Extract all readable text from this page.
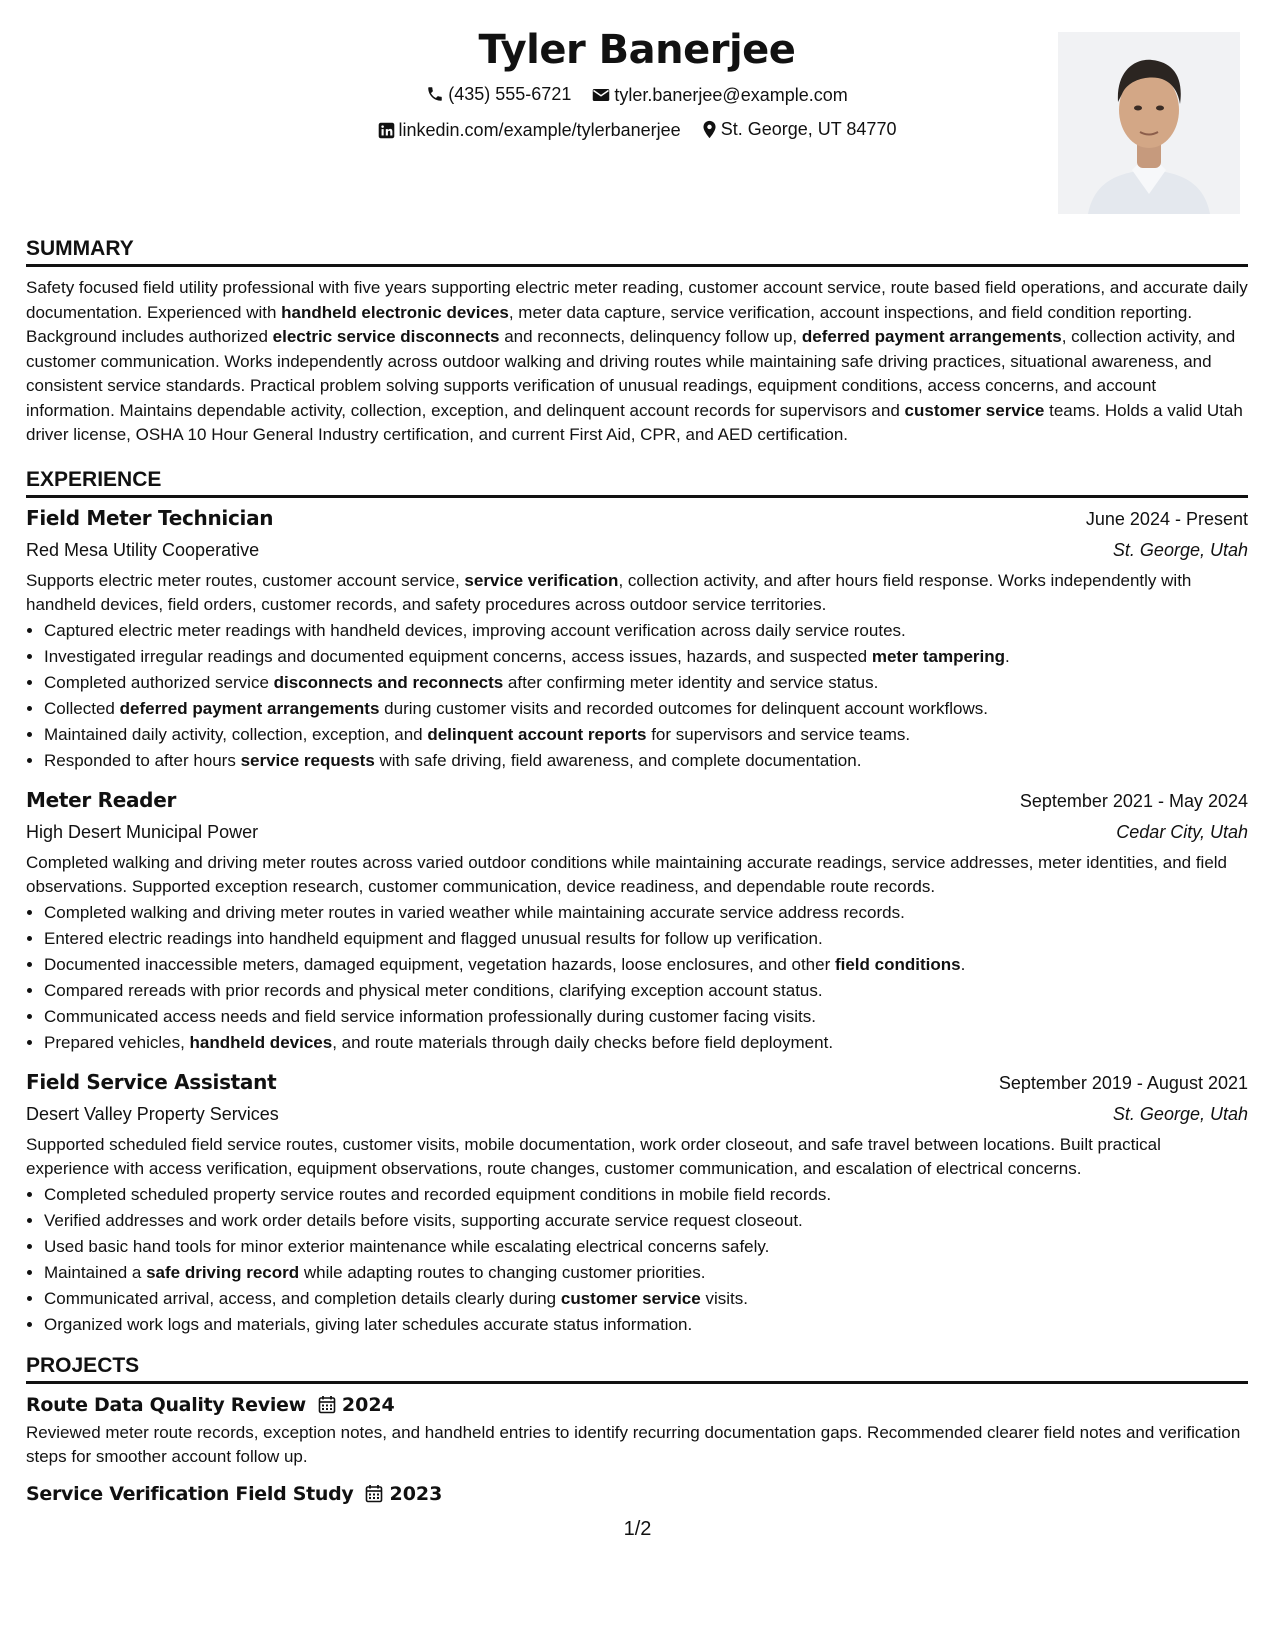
Tyler Banerjee
(435) 555-6721
tyler.banerjee@example.com
linkedin.com/example/tylerbanerjee
St. George, UT 84770
SUMMARY
Safety focused field utility professional with five years supporting electric meter reading, customer account service, route based field operations, and accurate daily documentation. Experienced with handheld electronic devices, meter data capture, service verification, account inspections, and field condition reporting. Background includes authorized electric service disconnects and reconnects, delinquency follow up, deferred payment arrangements, collection activity, and customer communication. Works independently across outdoor walking and driving routes while maintaining safe driving practices, situational awareness, and consistent service standards. Practical problem solving supports verification of unusual readings, equipment conditions, access concerns, and account information. Maintains dependable activity, collection, exception, and delinquent account records for supervisors and customer service teams. Holds a valid Utah driver license, OSHA 10 Hour General Industry certification, and current First Aid, CPR, and AED certification.
EXPERIENCE
Field Meter Technician	June 2024 - Present
Red Mesa Utility Cooperative	St. George, Utah
Supports electric meter routes, customer account service, service verification, collection activity, and after hours field response. Works independently with handheld devices, field orders, customer records, and safety procedures across outdoor service territories.
• Captured electric meter readings with handheld devices, improving account verification across daily service routes.
• Investigated irregular readings and documented equipment concerns, access issues, hazards, and suspected meter tampering.
• Completed authorized service disconnects and reconnects after confirming meter identity and service status.
• Collected deferred payment arrangements during customer visits and recorded outcomes for delinquent account workflows.
• Maintained daily activity, collection, exception, and delinquent account reports for supervisors and service teams.
• Responded to after hours service requests with safe driving, field awareness, and complete documentation.
Meter Reader	September 2021 - May 2024
High Desert Municipal Power	Cedar City, Utah
Completed walking and driving meter routes across varied outdoor conditions while maintaining accurate readings, service addresses, meter identities, and field observations. Supported exception research, customer communication, device readiness, and dependable route records.
• Completed walking and driving meter routes in varied weather while maintaining accurate service address records.
• Entered electric readings into handheld equipment and flagged unusual results for follow up verification.
• Documented inaccessible meters, damaged equipment, vegetation hazards, loose enclosures, and other field conditions.
• Compared rereads with prior records and physical meter conditions, clarifying exception account status.
• Communicated access needs and field service information professionally during customer facing visits.
• Prepared vehicles, handheld devices, and route materials through daily checks before field deployment.
Field Service Assistant	September 2019 - August 2021
Desert Valley Property Services	St. George, Utah
Supported scheduled field service routes, customer visits, mobile documentation, work order closeout, and safe travel between locations. Built practical experience with access verification, equipment observations, route changes, customer communication, and escalation of electrical concerns.
• Completed scheduled property service routes and recorded equipment conditions in mobile field records.
• Verified addresses and work order details before visits, supporting accurate service request closeout.
• Used basic hand tools for minor exterior maintenance while escalating electrical concerns safely.
• Maintained a safe driving record while adapting routes to changing customer priorities.
• Communicated arrival, access, and completion details clearly during customer service visits.
• Organized work logs and materials, giving later schedules accurate status information.
PROJECTS
Route Data Quality Review 2024
Reviewed meter route records, exception notes, and handheld entries to identify recurring documentation gaps. Recommended clearer field notes and verification steps for smoother account follow up.
Service Verification Field Study 2023
1/2
